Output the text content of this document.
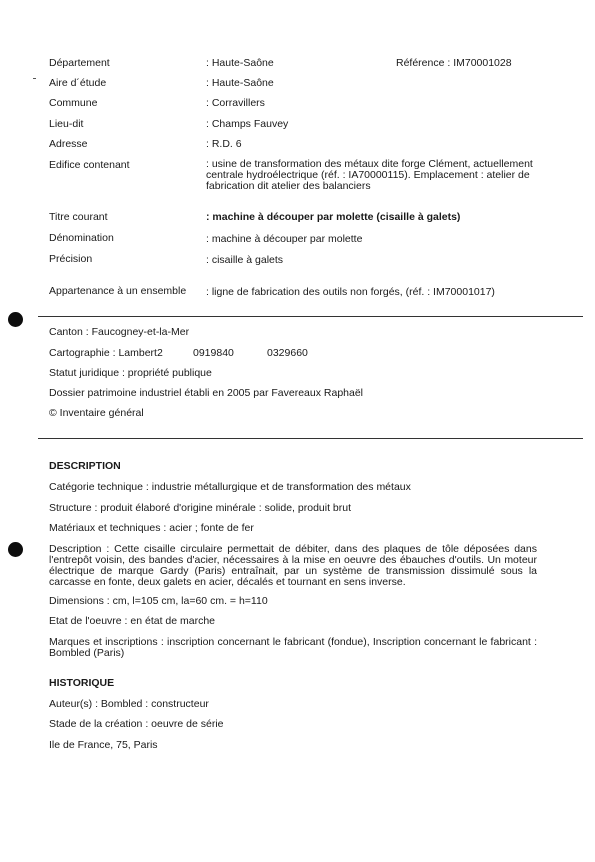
Département	: Haute-Saône	Référence : IM70001028
Aire d´étude	: Haute-Saône
Commune	: Corravillers
Lieu-dit	: Champs Fauvey
Adresse	: R.D. 6
Edifice contenant	: usine de transformation des métaux dite forge Clément, actuellement centrale hydroélectrique (réf. : IA70000115). Emplacement : atelier de fabrication dit atelier des balanciers
Titre courant	: machine à découper par molette (cisaille à galets)
Dénomination	: machine à découper par molette
Précision	: cisaille à galets
Appartenance à un ensemble : ligne de fabrication des outils non forgés, (réf. : IM70001017)
Canton : Faucogney-et-la-Mer
Cartographie : Lambert2	0919840	0329660
Statut juridique : propriété publique
Dossier patrimoine industriel établi en 2005 par Favereaux Raphaël
© Inventaire général
DESCRIPTION
Catégorie technique : industrie métallurgique et de transformation des métaux
Structure : produit élaboré d'origine minérale : solide, produit brut
Matériaux et techniques : acier ; fonte de fer
Description : Cette cisaille circulaire permettait de débiter, dans des plaques de tôle déposées dans l'entrepôt voisin, des bandes d'acier, nécessaires à la mise en oeuvre des ébauches d'outils. Un moteur électrique de marque Gardy (Paris) entraînait, par un système de transmission dissimulé sous la carcasse en fonte, deux galets en acier, décalés et tournant en sens inverse.
Dimensions : cm, l=105 cm, la=60 cm. = h=110
Etat de l'oeuvre : en état de marche
Marques et inscriptions : inscription concernant le fabricant (fondue), Inscription concernant le fabricant : Bombled (Paris)
HISTORIQUE
Auteur(s) : Bombled : constructeur
Stade de la création : oeuvre de série
Ile de France, 75, Paris
